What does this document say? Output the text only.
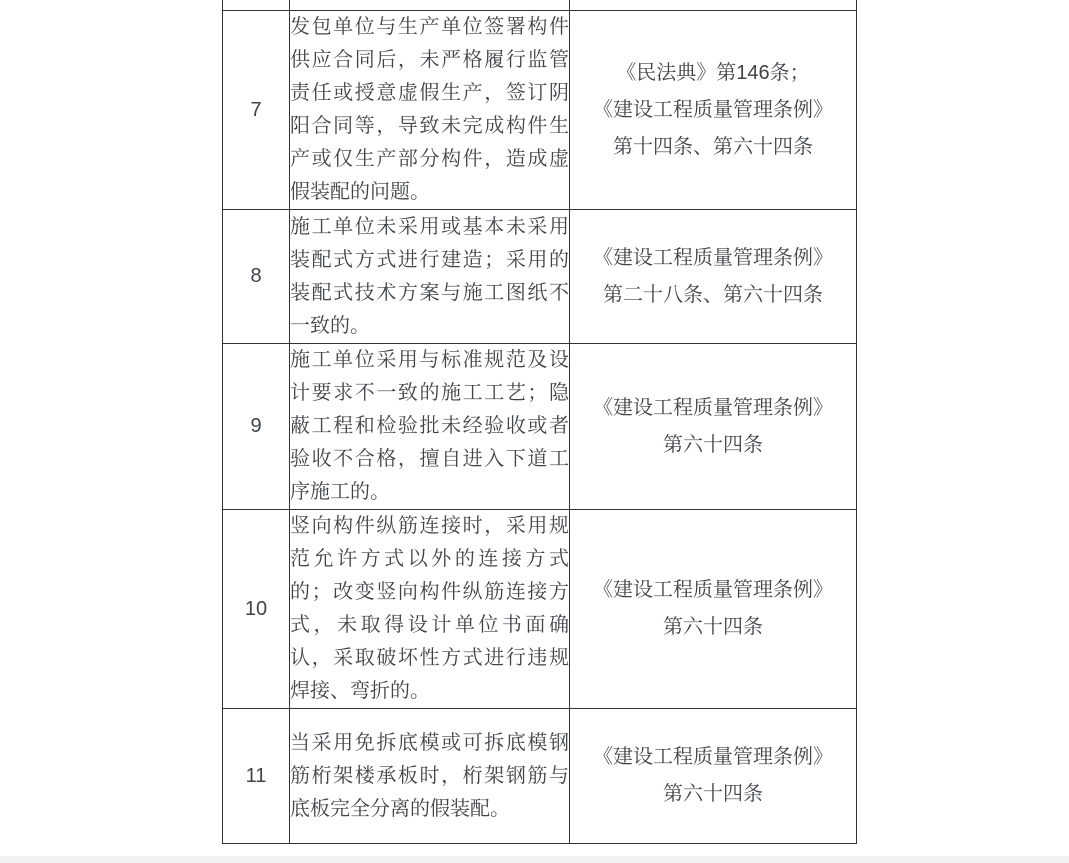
7	发包单位与生产单位签署构件供应合同后，未严格履行监管责任或授意虚假生产，签订阴阳合同等，导致未完成构件生产或仅生产部分构件，造成虚假装配的问题。	《民法典》第146条；
《建设工程质量管理条例》
第十四条、第六十四条

8	施工单位未采用或基本未采用装配式方式进行建造；采用的装配式技术方案与施工图纸不一致的。	《建设工程质量管理条例》
第二十八条、第六十四条

9	施工单位采用与标准规范及设计要求不一致的施工工艺；隐蔽工程和检验批未经验收或者验收不合格，擅自进入下道工序施工的。	《建设工程质量管理条例》
第六十四条

10	竖向构件纵筋连接时，采用规范允许方式以外的连接方式的；改变竖向构件纵筋连接方式，未取得设计单位书面确认，采取破坏性方式进行违规焊接、弯折的。	《建设工程质量管理条例》
第六十四条

11	当采用免拆底模或可拆底模钢筋桁架楼承板时，桁架钢筋与底板完全分离的假装配。	《建设工程质量管理条例》
第六十四条
